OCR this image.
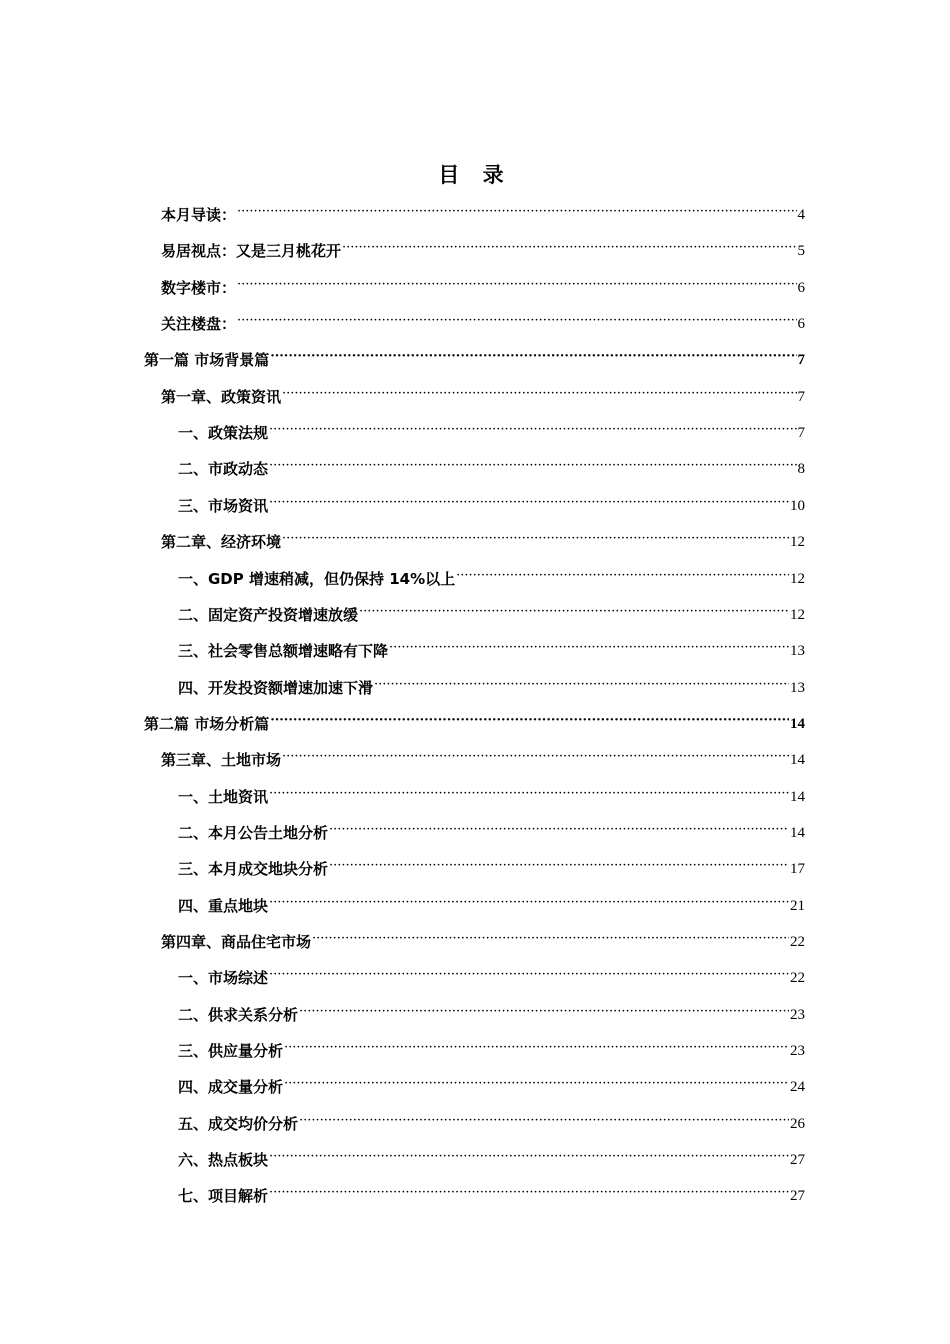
目 录
本月导读： ·····	4
易居视点：又是三月桃花开 ·····	5
数字楼市： ·····	6
关注楼盘： ·····	6
第一篇 市场背景篇 ·····	7
第一章、政策资讯 ·····	7
一、政策法规 ·····	7
二、市政动态 ·····	8
三、市场资讯 ·····	10
第二章、经济环境 ·····	12
一、GDP 增速稍减，但仍保持 14%以上 ·····	12
二、固定资产投资增速放缓 ·····	12
三、社会零售总额增速略有下降 ·····	13
四、开发投资额增速加速下滑 ·····	13
第二篇 市场分析篇 ·····	14
第三章、土地市场 ·····	14
一、土地资讯 ·····	14
二、本月公告土地分析 ·····	14
三、本月成交地块分析 ·····	17
四、重点地块 ·····	21
第四章、商品住宅市场 ·····	22
一、市场综述 ·····	22
二、供求关系分析 ·····	23
三、供应量分析 ·····	23
四、成交量分析 ·····	24
五、成交均价分析 ·····	26
六、热点板块 ·····	27
七、项目解析 ·····	27
